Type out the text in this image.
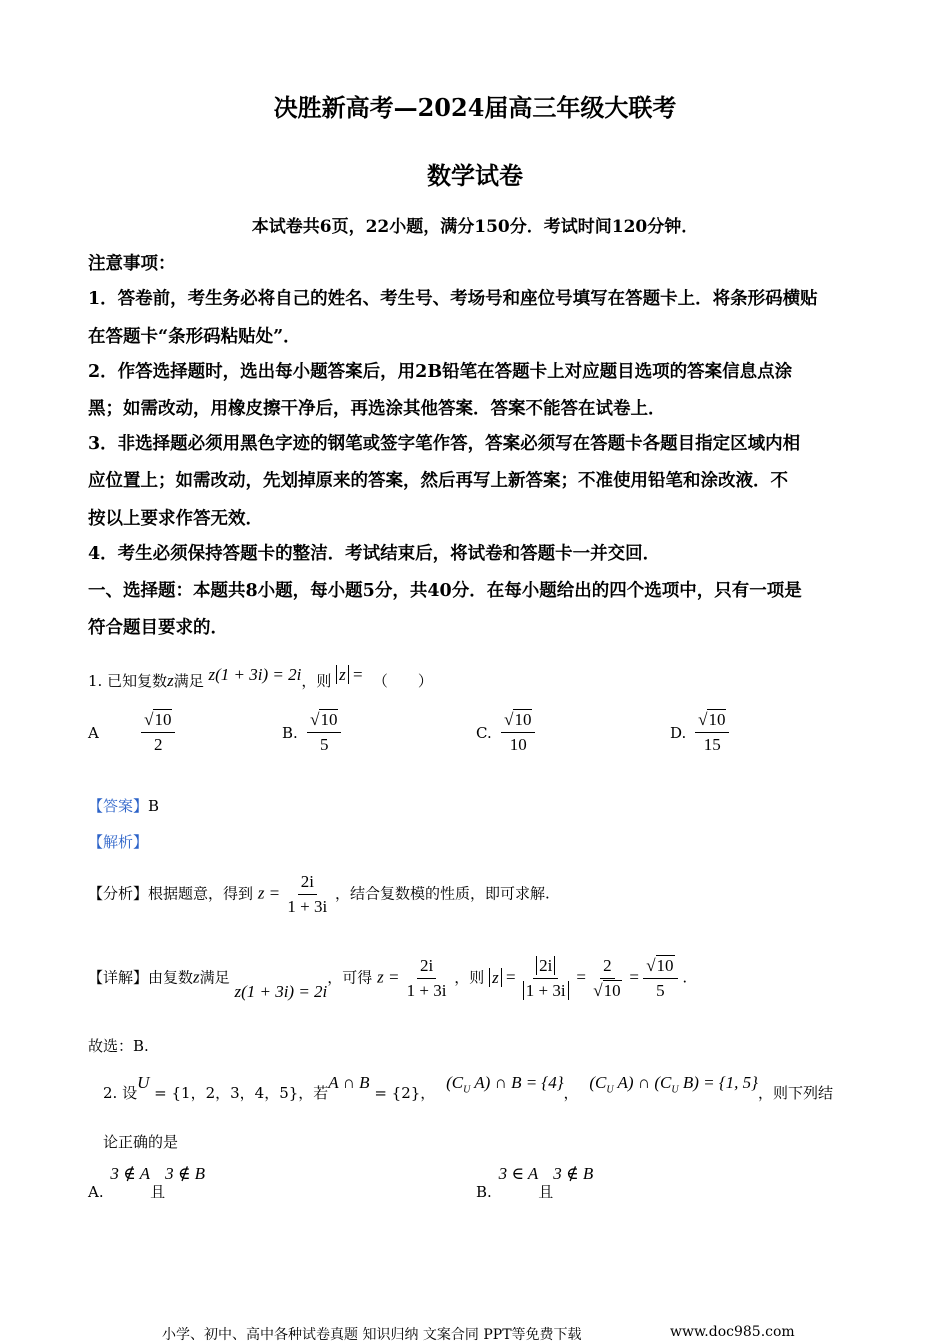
决胜新高考—2024届高三年级大联考
数学试卷
本试卷共6页，22小题，满分150分．考试时间120分钟．
注意事项：
1．答卷前，考生务必将自己的姓名、考生号、考场号和座位号填写在答题卡上．将条形码横贴
在答题卡“条形码粘贴处”．
2．作答选择题时，选出每小题答案后，用2B铅笔在答题卡上对应题目选项的答案信息点涂
黑；如需改动，用橡皮擦干净后，再选涂其他答案．答案不能答在试卷上．
3．非选择题必须用黑色字迹的钢笔或签字笔作答，答案必须写在答题卡各题目指定区域内相
应位置上；如需改动，先划掉原来的答案，然后再写上新答案；不准使用铅笔和涂改液．不
按以上要求作答无效．
4．考生必须保持答题卡的整洁．考试结束后，将试卷和答题卡一并交回．
一、选择题：本题共8小题，每小题5分，共40分．在每小题给出的四个选项中，只有一项是
符合题目要求的．
1. 已知复数z满足 z(1 + 3i) = 2i，则 z = （　　）
A $\frac{√10}{2}$	B. $\frac{√10}{5}$	C. $\frac{√10}{10}$	D. $\frac{√10}{15}$
【答案】B
【解析】
【分析】根据题意，得到 $z = \frac{2i}{1 + 3i}$ ，结合复数模的性质，即可求解.
【详解】由复数z满足 z(1 + 3i) = 2i，可得 $z = \frac{2i}{1 + 3i}$ ，则 $z = \frac{2i}{1 + 3i} = \frac{2}{√10} = \frac{√10}{5}$ .
故选：B.
2. 设U = {1，2，3，4，5}，若A ∩ B = {2}， ($C_U$ A) ∩ B = {4}， ($C_U$ A) ∩ ($C_U$ B) = {1, 5}，则下列结
论正确的是
A. 3 ∉ A且3 ∉ B
B. 3 ∈ A且3 ∉ B
小学、初中、高中各种试卷真题 知识归纳 文案合同 PPT等免费下载	www.doc985.com
